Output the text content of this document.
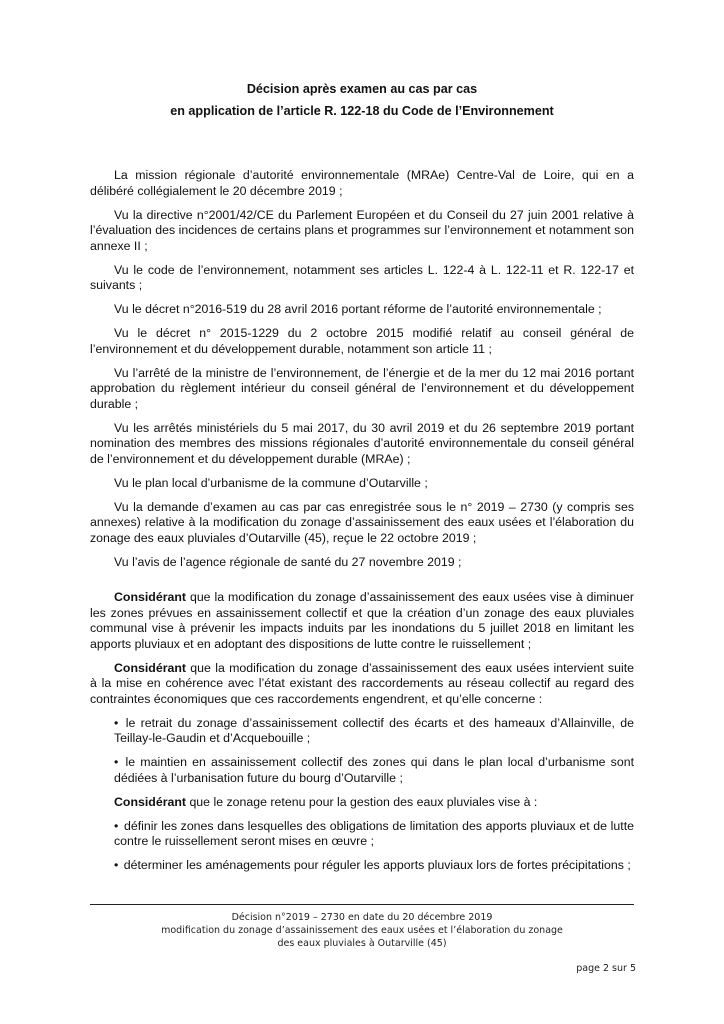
Décision après examen au cas par cas
en application de l’article R. 122-18 du Code de l’Environnement

La mission régionale d’autorité environnementale (MRAe) Centre-Val de Loire, qui en a délibéré collégialement le 20 décembre 2019 ;

Vu la directive n°2001/42/CE du Parlement Européen et du Conseil du 27 juin 2001 relative à l’évaluation des incidences de certains plans et programmes sur l’environnement et notamment son annexe II ;

Vu le code de l’environnement, notamment ses articles L. 122-4 à L. 122-11 et R. 122-17 et suivants ;

Vu le décret n°2016-519 du 28 avril 2016 portant réforme de l’autorité environnementale ;

Vu le décret n° 2015-1229 du 2 octobre 2015 modifié relatif au conseil général de l’environnement et du développement durable, notamment son article 11 ;

Vu l’arrêté de la ministre de l’environnement, de l’énergie et de la mer du 12 mai 2016 portant approbation du règlement intérieur du conseil général de l’environnement et du développement durable ;

Vu les arrêtés ministériels du 5 mai 2017, du 30 avril 2019 et du 26 septembre 2019 portant nomination des membres des missions régionales d’autorité environnementale du conseil général de l’environnement et du développement durable (MRAe) ;

Vu le plan local d’urbanisme de la commune d’Outarville ;

Vu la demande d’examen au cas par cas enregistrée sous le n° 2019 – 2730 (y compris ses annexes) relative à la modification du zonage d’assainissement des eaux usées et l’élaboration du zonage des eaux pluviales d’Outarville (45), reçue le 22 octobre 2019 ;

Vu l’avis de l’agence régionale de santé du 27 novembre 2019 ;

Considérant que la modification du zonage d’assainissement des eaux usées vise à diminuer les zones prévues en assainissement collectif et que la création d’un zonage des eaux pluviales communal vise à prévenir les impacts induits par les inondations du 5 juillet 2018 en limitant les apports pluviaux et en adoptant des dispositions de lutte contre le ruissellement ;

Considérant que la modification du zonage d’assainissement des eaux usées intervient suite à la mise en cohérence avec l’état existant des raccordements au réseau collectif au regard des contraintes économiques que ces raccordements engendrent, et qu’elle concerne :

• le retrait du zonage d’assainissement collectif des écarts et des hameaux d’Allainville, de Teillay-le-Gaudin et d’Acquebouille ;

• le maintien en assainissement collectif des zones qui dans le plan local d’urbanisme sont dédiées à l’urbanisation future du bourg d’Outarville ;

Considérant que le zonage retenu pour la gestion des eaux pluviales vise à :

• définir les zones dans lesquelles des obligations de limitation des apports pluviaux et de lutte contre le ruissellement seront mises en œuvre ;

• déterminer les aménagements pour réguler les apports pluviaux lors de fortes précipitations ;

Décision n°2019 – 2730 en date du 20 décembre 2019
modification du zonage d’assainissement des eaux usées et l’élaboration du zonage
des eaux pluviales à Outarville (45)
page 2 sur 5
